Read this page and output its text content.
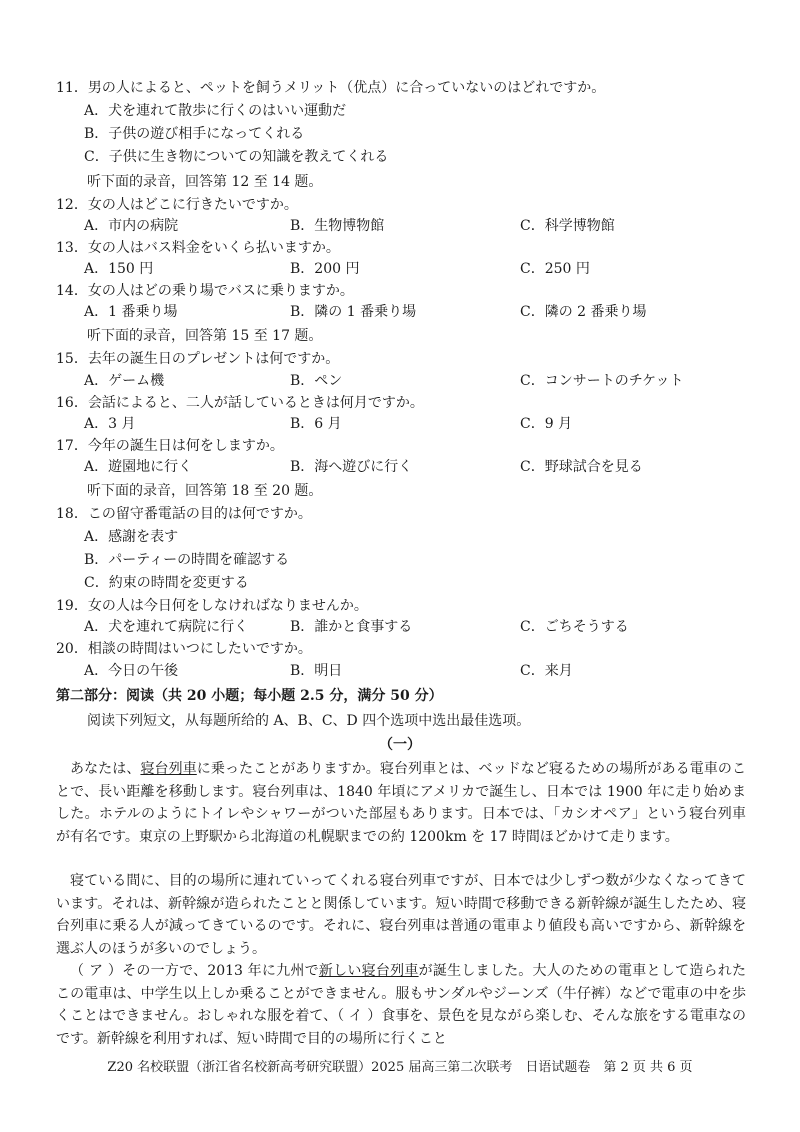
11．男の人によると、ペットを飼うメリット（优点）に合っていないのはどれですか。
A．犬を連れて散歩に行くのはいい運動だ
B．子供の遊び相手になってくれる
C．子供に生き物についての知識を教えてくれる
听下面的录音，回答第 12 至 14 题。
12．女の人はどこに行きたいですか。
A．市内の病院	B．生物博物館	C．科学博物館
13．女の人はバス料金をいくら払いますか。
A．150 円	B．200 円	C．250 円
14．女の人はどの乗り場でバスに乗りますか。
A．1 番乗り場	B．隣の 1 番乗り場	C．隣の 2 番乗り場
听下面的录音，回答第 15 至 17 题。
15．去年の誕生日のプレゼントは何ですか。
A．ゲーム機	B．ペン	C．コンサートのチケット
16．会話によると、二人が話しているときは何月ですか。
A．3 月	B．6 月	C．9 月
17．今年の誕生日は何をしますか。
A．遊園地に行く	B．海へ遊びに行く	C．野球試合を見る
听下面的录音，回答第 18 至 20 题。
18．この留守番電話の目的は何ですか。
A．感謝を表す
B．パーティーの時間を確認する
C．約束の時間を変更する
19．女の人は今日何をしなければなりませんか。
A．犬を連れて病院に行く	B．誰かと食事する	C．ごちそうする
20．相談の時間はいつにしたいですか。
A．今日の午後	B．明日	C．来月
第二部分：阅读（共 20 小题；每小题 2.5 分，满分 50 分）
阅读下列短文，从每题所给的 A、B、C、D 四个选项中选出最佳选项。
（一）
あなたは、寝台列車に乗ったことがありますか。寝台列車とは、ベッドなど寝るための場所がある電車のことで、長い距離を移動します。寝台列車は、1840 年頃にアメリカで誕生し、日本では 1900 年に走り始めました。ホテルのようにトイレやシャワーがついた部屋もあります。日本では、「カシオペア」という寝台列車が有名です。東京の上野駅から北海道の札幌駅までの約 1200km を 17 時間ほどかけて走ります。
寝ている間に、目的の場所に連れていってくれる寝台列車ですが、日本では少しずつ数が少なくなってきています。それは、新幹線が造られたことと関係しています。短い時間で移動できる新幹線が誕生したため、寝台列車に乗る人が減ってきているのです。それに、寝台列車は普通の電車より値段も高いですから、新幹線を選ぶ人のほうが多いのでしょう。
（ ア ）その一方で、2013 年に九州で新しい寝台列車が誕生しました。大人のための電車として造られたこの電車は、中学生以上しか乗ることができません。服もサンダルやジーンズ（牛仔裤）などで電車の中を歩くことはできません。おしゃれな服を着て、（ イ ）食事を、景色を見ながら楽しむ、そんな旅をする電車なのです。新幹線を利用すれば、短い時間で目的の場所に行くこと
Z20 名校联盟（浙江省名校新高考研究联盟）2025 届高三第二次联考　日语试题卷　第 2 页 共 6 页
